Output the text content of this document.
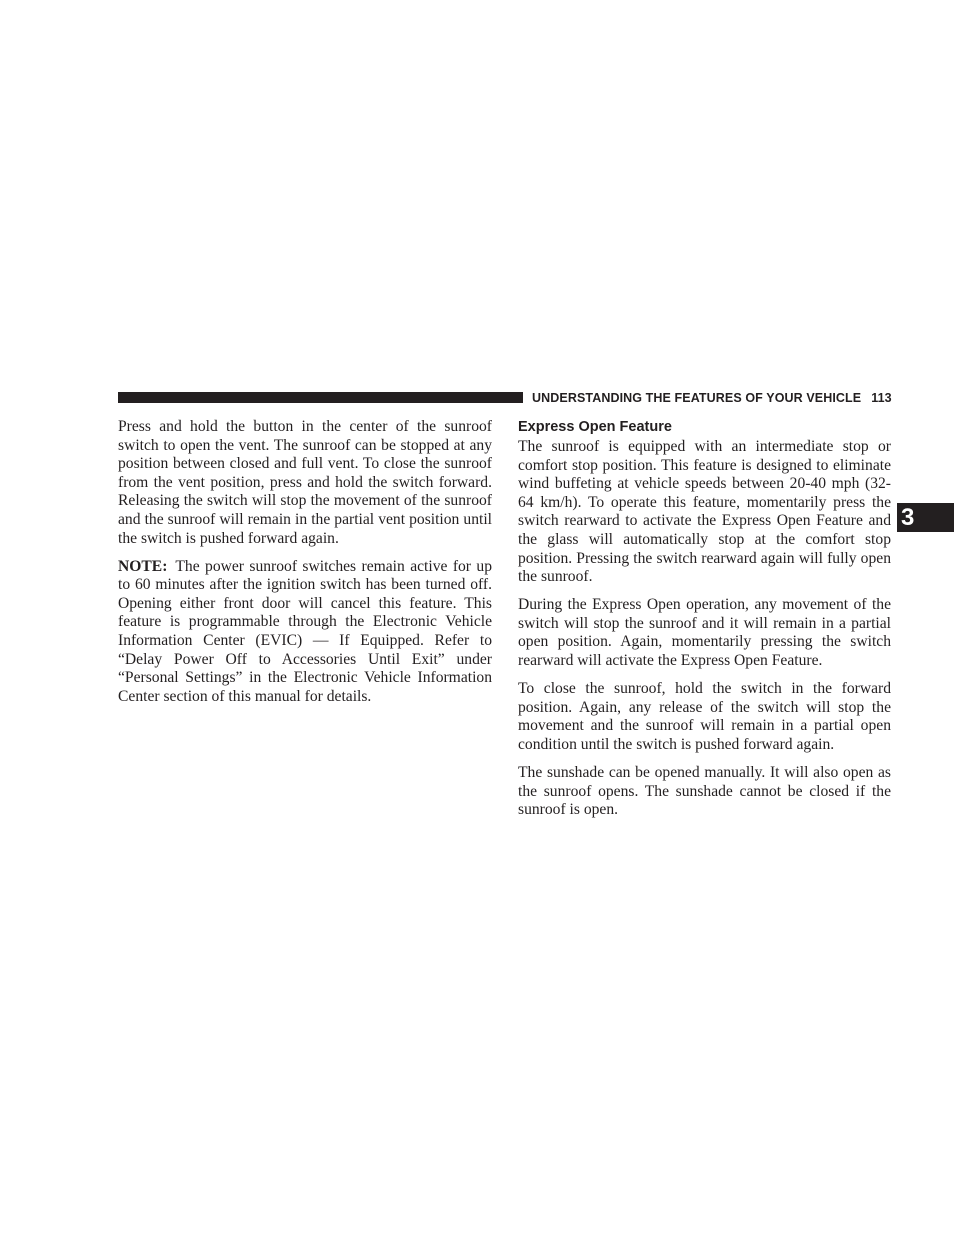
UNDERSTANDING THE FEATURES OF YOUR VEHICLE 113
3

Press and hold the button in the center of the sunroof switch to open the vent. The sunroof can be stopped at any position between closed and full vent. To close the sunroof from the vent position, press and hold the switch forward. Releasing the switch will stop the movement of the sunroof and the sunroof will remain in the partial vent position until the switch is pushed forward again.

NOTE: The power sunroof switches remain active for up to 60 minutes after the ignition switch has been turned off. Opening either front door will cancel this feature. This feature is programmable through the Electronic Vehicle Information Center (EVIC) — If Equipped. Refer to “Delay Power Off to Accessories Until Exit” under “Personal Settings” in the Electronic Vehicle Information Center section of this manual for details.

Express Open Feature

The sunroof is equipped with an intermediate stop or comfort stop position. This feature is designed to eliminate wind buffeting at vehicle speeds between 20-40 mph (32-64 km/h). To operate this feature, momentarily press the switch rearward to activate the Express Open Feature and the glass will automatically stop at the comfort stop position. Pressing the switch rearward again will fully open the sunroof.

During the Express Open operation, any movement of the switch will stop the sunroof and it will remain in a partial open position. Again, momentarily pressing the switch rearward will activate the Express Open Feature.

To close the sunroof, hold the switch in the forward position. Again, any release of the switch will stop the movement and the sunroof will remain in a partial open condition until the switch is pushed forward again.

The sunshade can be opened manually. It will also open as the sunroof opens. The sunshade cannot be closed if the sunroof is open.
